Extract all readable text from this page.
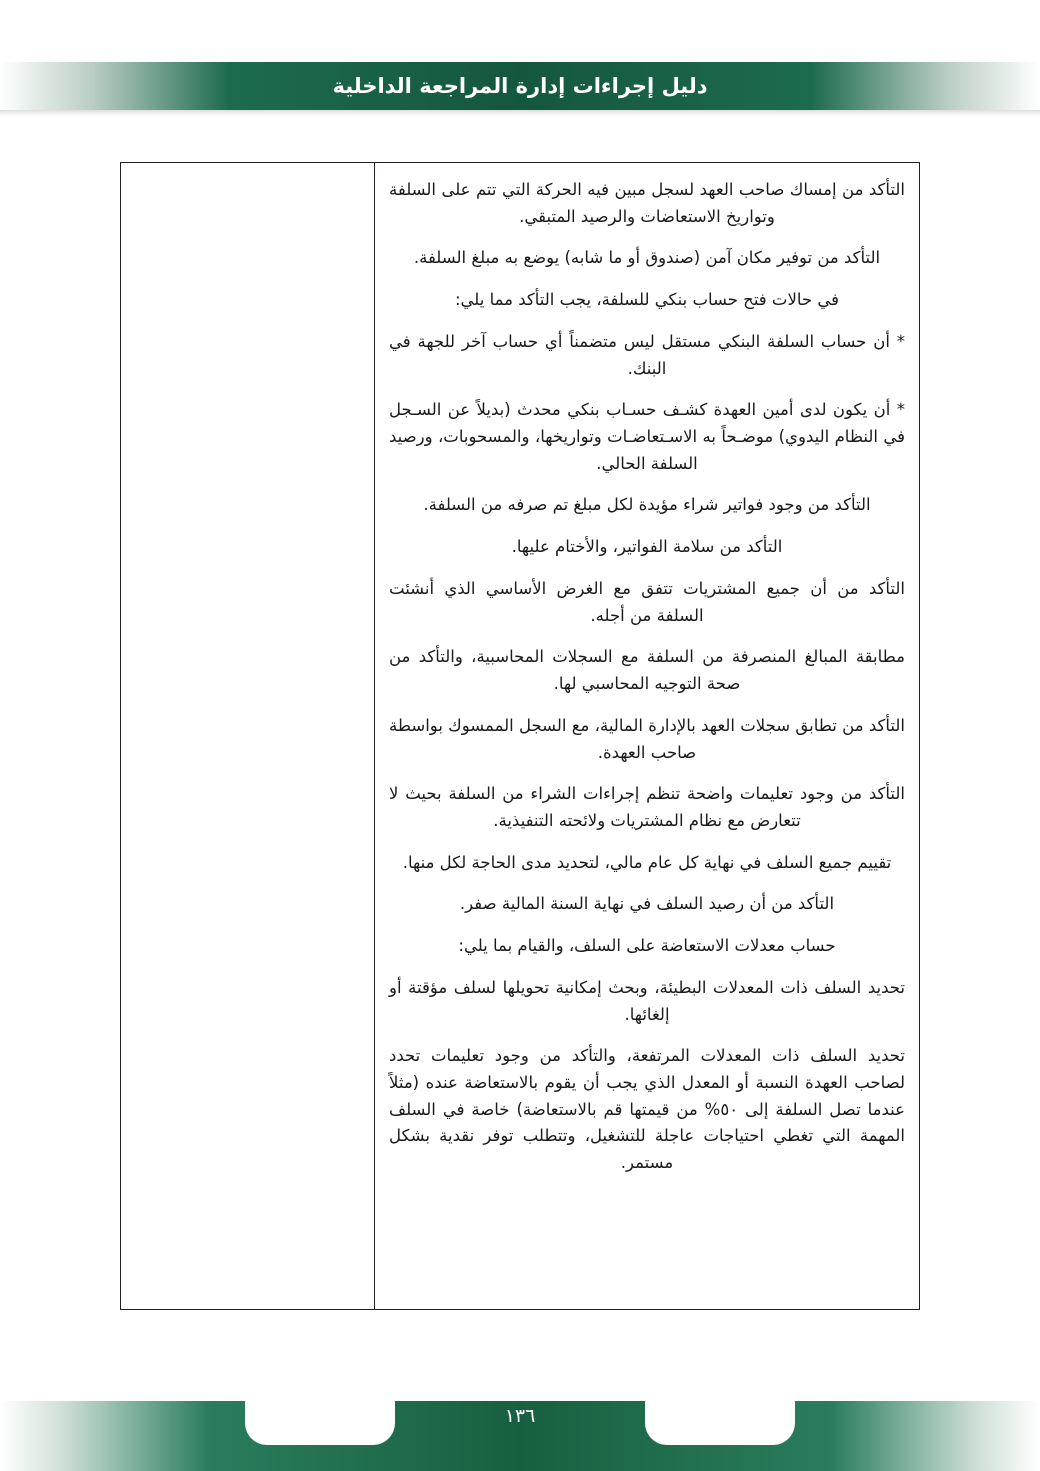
دليل إجراءات إدارة المراجعة الداخلية

التأكد من إمساك صاحب العهد لسجل مبين فيه الحركة التي تتم على السلفة وتواريخ الاستعاضات والرصيد المتبقي.

التأكد من توفير مكان آمن (صندوق أو ما شابه) يوضع به مبلغ السلفة.

في حالات فتح حساب بنكي للسلفة، يجب التأكد مما يلي:

* أن حساب السلفة البنكي مستقل ليس متضمناً أي حساب آخر للجهة في البنك.

* أن يكون لدى أمين العهدة كشـف حسـاب بنكي محدث (بديلاً عن السـجل في النظام اليدوي) موضـحاً به الاسـتعاضـات وتواريخها، والمسحوبات، ورصيد السلفة الحالي.

التأكد من وجود فواتير شراء مؤيدة لكل مبلغ تم صرفه من السلفة.

التأكد من سلامة الفواتير، والأختام عليها.

التأكد من أن جميع المشتريات تتفق مع الغرض الأساسي الذي أنشئت السلفة من أجله.

مطابقة المبالغ المنصرفة من السلفة مع السجلات المحاسبية، والتأكد من صحة التوجيه المحاسبي لها.

التأكد من تطابق سجلات العهد بالإدارة المالية، مع السجل الممسوك بواسطة صاحب العهدة.

التأكد من وجود تعليمات واضحة تنظم إجراءات الشراء من السلفة بحيث لا تتعارض مع نظام المشتريات ولائحته التنفيذية.

تقييم جميع السلف في نهاية كل عام مالي، لتحديد مدى الحاجة لكل منها.

التأكد من أن رصيد السلف في نهاية السنة المالية صفر.

حساب معدلات الاستعاضة على السلف، والقيام بما يلي:

تحديد السلف ذات المعدلات البطيئة، وبحث إمكانية تحويلها لسلف مؤقتة أو إلغائها.

تحديد السلف ذات المعدلات المرتفعة، والتأكد من وجود تعليمات تحدد لصاحب العهدة النسبة أو المعدل الذي يجب أن يقوم بالاستعاضة عنده (مثلاً عندما تصل السلفة إلى ٥٠% من قيمتها قم بالاستعاضة) خاصة في السلف المهمة التي تغطي احتياجات عاجلة للتشغيل، وتتطلب توفر نقدية بشكل مستمر.

١٣٦
